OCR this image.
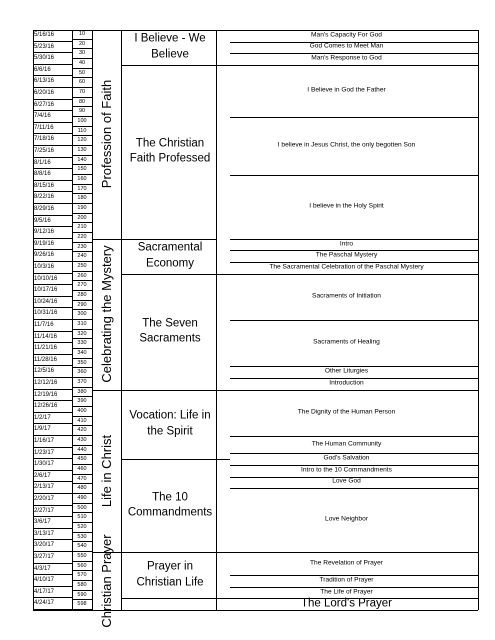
5/16/16
5/23/16
5/30/16
6/6/16
6/13/16
6/20/16
6/27/16
7/4/16
7/11/16
7/18/16
7/25/16
8/1/16
8/8/16
8/15/16
8/22/16
8/29/16
9/5/16
9/12/16
9/19/16
9/26/16
10/3/16
10/10/16
10/17/16
10/24/16
10/31/16
11/7/16
11/14/16
11/21/16
11/28/16
12/5/16
12/12/16
12/19/16
12/26/16
1/2/17
1/9/17
1/16/17
1/23/17
1/30/17
2/6/17
2/13/17
2/20/17
2/27/17
3/6/17
3/13/17
3/20/17
3/27/17
4/3/17
4/10/17
4/17/17
4/24/17
10
20
30
40
50
60
70
80
90
100
110
120
130
140
150
160
170
180
190
200
210
220
230
240
250
260
270
280
290
300
310
320
330
340
350
360
370
380
390
400
410
420
430
440
450
460
470
480
490
500
510
520
530
540
550
560
570
580
590
598
Profession of Faith
Celebrating the Mystery
Life in Christ
Christian Prayer
I Believe - We Believe
The Christian Faith Professed
Sacramental Economy
The Seven Sacraments
Vocation: Life in the Spirit
The 10 Commandments
Prayer in Christian Life
Man's Capacity For God
God Comes to Meet Man
Man's Response to God
I Believe in God the Father
I believe in Jesus Christ, the only begotten Son
I believe in the Holy Spirit
Intro
The Paschal Mystery
The Sacramental Celebration of the Paschal Mystery
Sacraments of Initiation
Sacraments of Healing
Other Liturgies
Introduction
The Dignity of the Human Person
The Human Community
God's Salvation
Intro to the 10 Commandments
Love God
Love Neighbor
The Revelation of Prayer
Tradition of Prayer
The Life of Prayer
The Lord's Prayer
